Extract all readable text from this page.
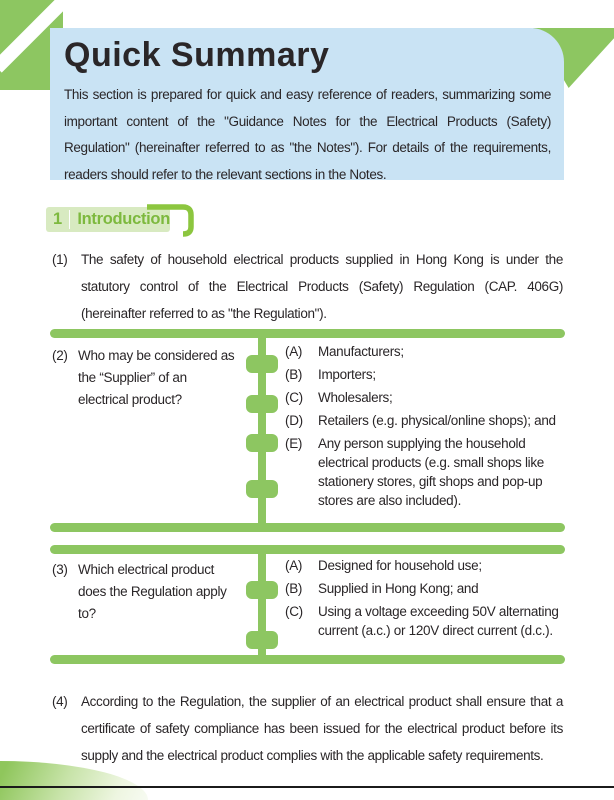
Quick Summary

This section is prepared for quick and easy reference of readers, summarizing some important content of the "Guidance Notes for the Electrical Products (Safety) Regulation" (hereinafter referred to as "the Notes"). For details of the requirements, readers should refer to the relevant sections in the Notes.

1 Introduction
(1)	The safety of household electrical products supplied in Hong Kong is under the statutory control of the Electrical Products (Safety) Regulation (CAP. 406G) (hereinafter referred to as "the Regulation").

(2) Who may be considered as the “Supplier” of an electrical product?
(A)	Manufacturers;
(B)	Importers;
(C)	Wholesalers;
(D)	Retailers (e.g. physical/online shops); and
(E)	Any person supplying the household electrical products (e.g. small shops like stationery stores, gift shops and pop-up stores are also included).
(3) Which electrical product does the Regulation apply to?
(A)	Designed for household use;
(B)	Supplied in Hong Kong; and
(C)	Using a voltage exceeding 50V alternating current (a.c.) or 120V direct current (d.c.).
(4)	According to the Regulation, the supplier of an electrical product shall ensure that a certificate of safety compliance has been issued for the electrical product before its supply and the electrical product complies with the applicable safety requirements.
